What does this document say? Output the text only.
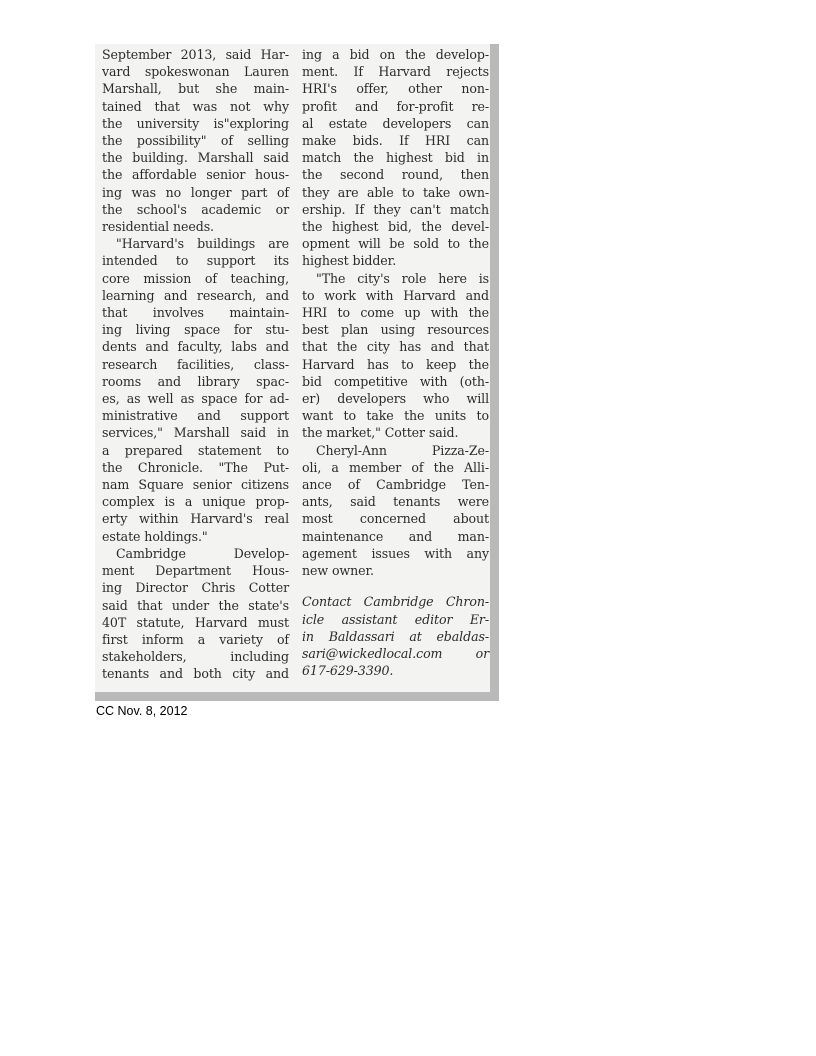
September 2013, said Har-
vard spokeswonan Lauren
Marshall, but she main-
tained that was not why
the university is"exploring
the possibility" of selling
the building. Marshall said
the affordable senior hous-
ing was no longer part of
the school's academic or
residential needs.
"Harvard's buildings are
intended to support its
core mission of teaching,
learning and research, and
that involves maintain-
ing living space for stu-
dents and faculty, labs and
research facilities, class-
rooms and library spac-
es, as well as space for ad-
ministrative and support
services," Marshall said in
a prepared statement to
the Chronicle. "The Put-
nam Square senior citizens
complex is a unique prop-
erty within Harvard's real
estate holdings."
Cambridge Develop-
ment Department Hous-
ing Director Chris Cotter
said that under the state's
40T statute, Harvard must
first inform a variety of
stakeholders, including
tenants and both city and
ing a bid on the develop-
ment. If Harvard rejects
HRI's offer, other non-
profit and for-profit re-
al estate developers can
make bids. If HRI can
match the highest bid in
the second round, then
they are able to take own-
ership. If they can't match
the highest bid, the devel-
opment will be sold to the
highest bidder.
"The city's role here is
to work with Harvard and
HRI to come up with the
best plan using resources
that the city has and that
Harvard has to keep the
bid competitive with (oth-
er) developers who will
want to take the units to
the market," Cotter said.
Cheryl-Ann Pizza-Ze-
oli, a member of the Alli-
ance of Cambridge Ten-
ants, said tenants were
most concerned about
maintenance and man-
agement issues with any
new owner.
Contact Cambridge Chron-
icle assistant editor Er-
in Baldassari at ebaldas-
sari@wickedlocal.com or
617-629-3390.
CC Nov. 8, 2012
